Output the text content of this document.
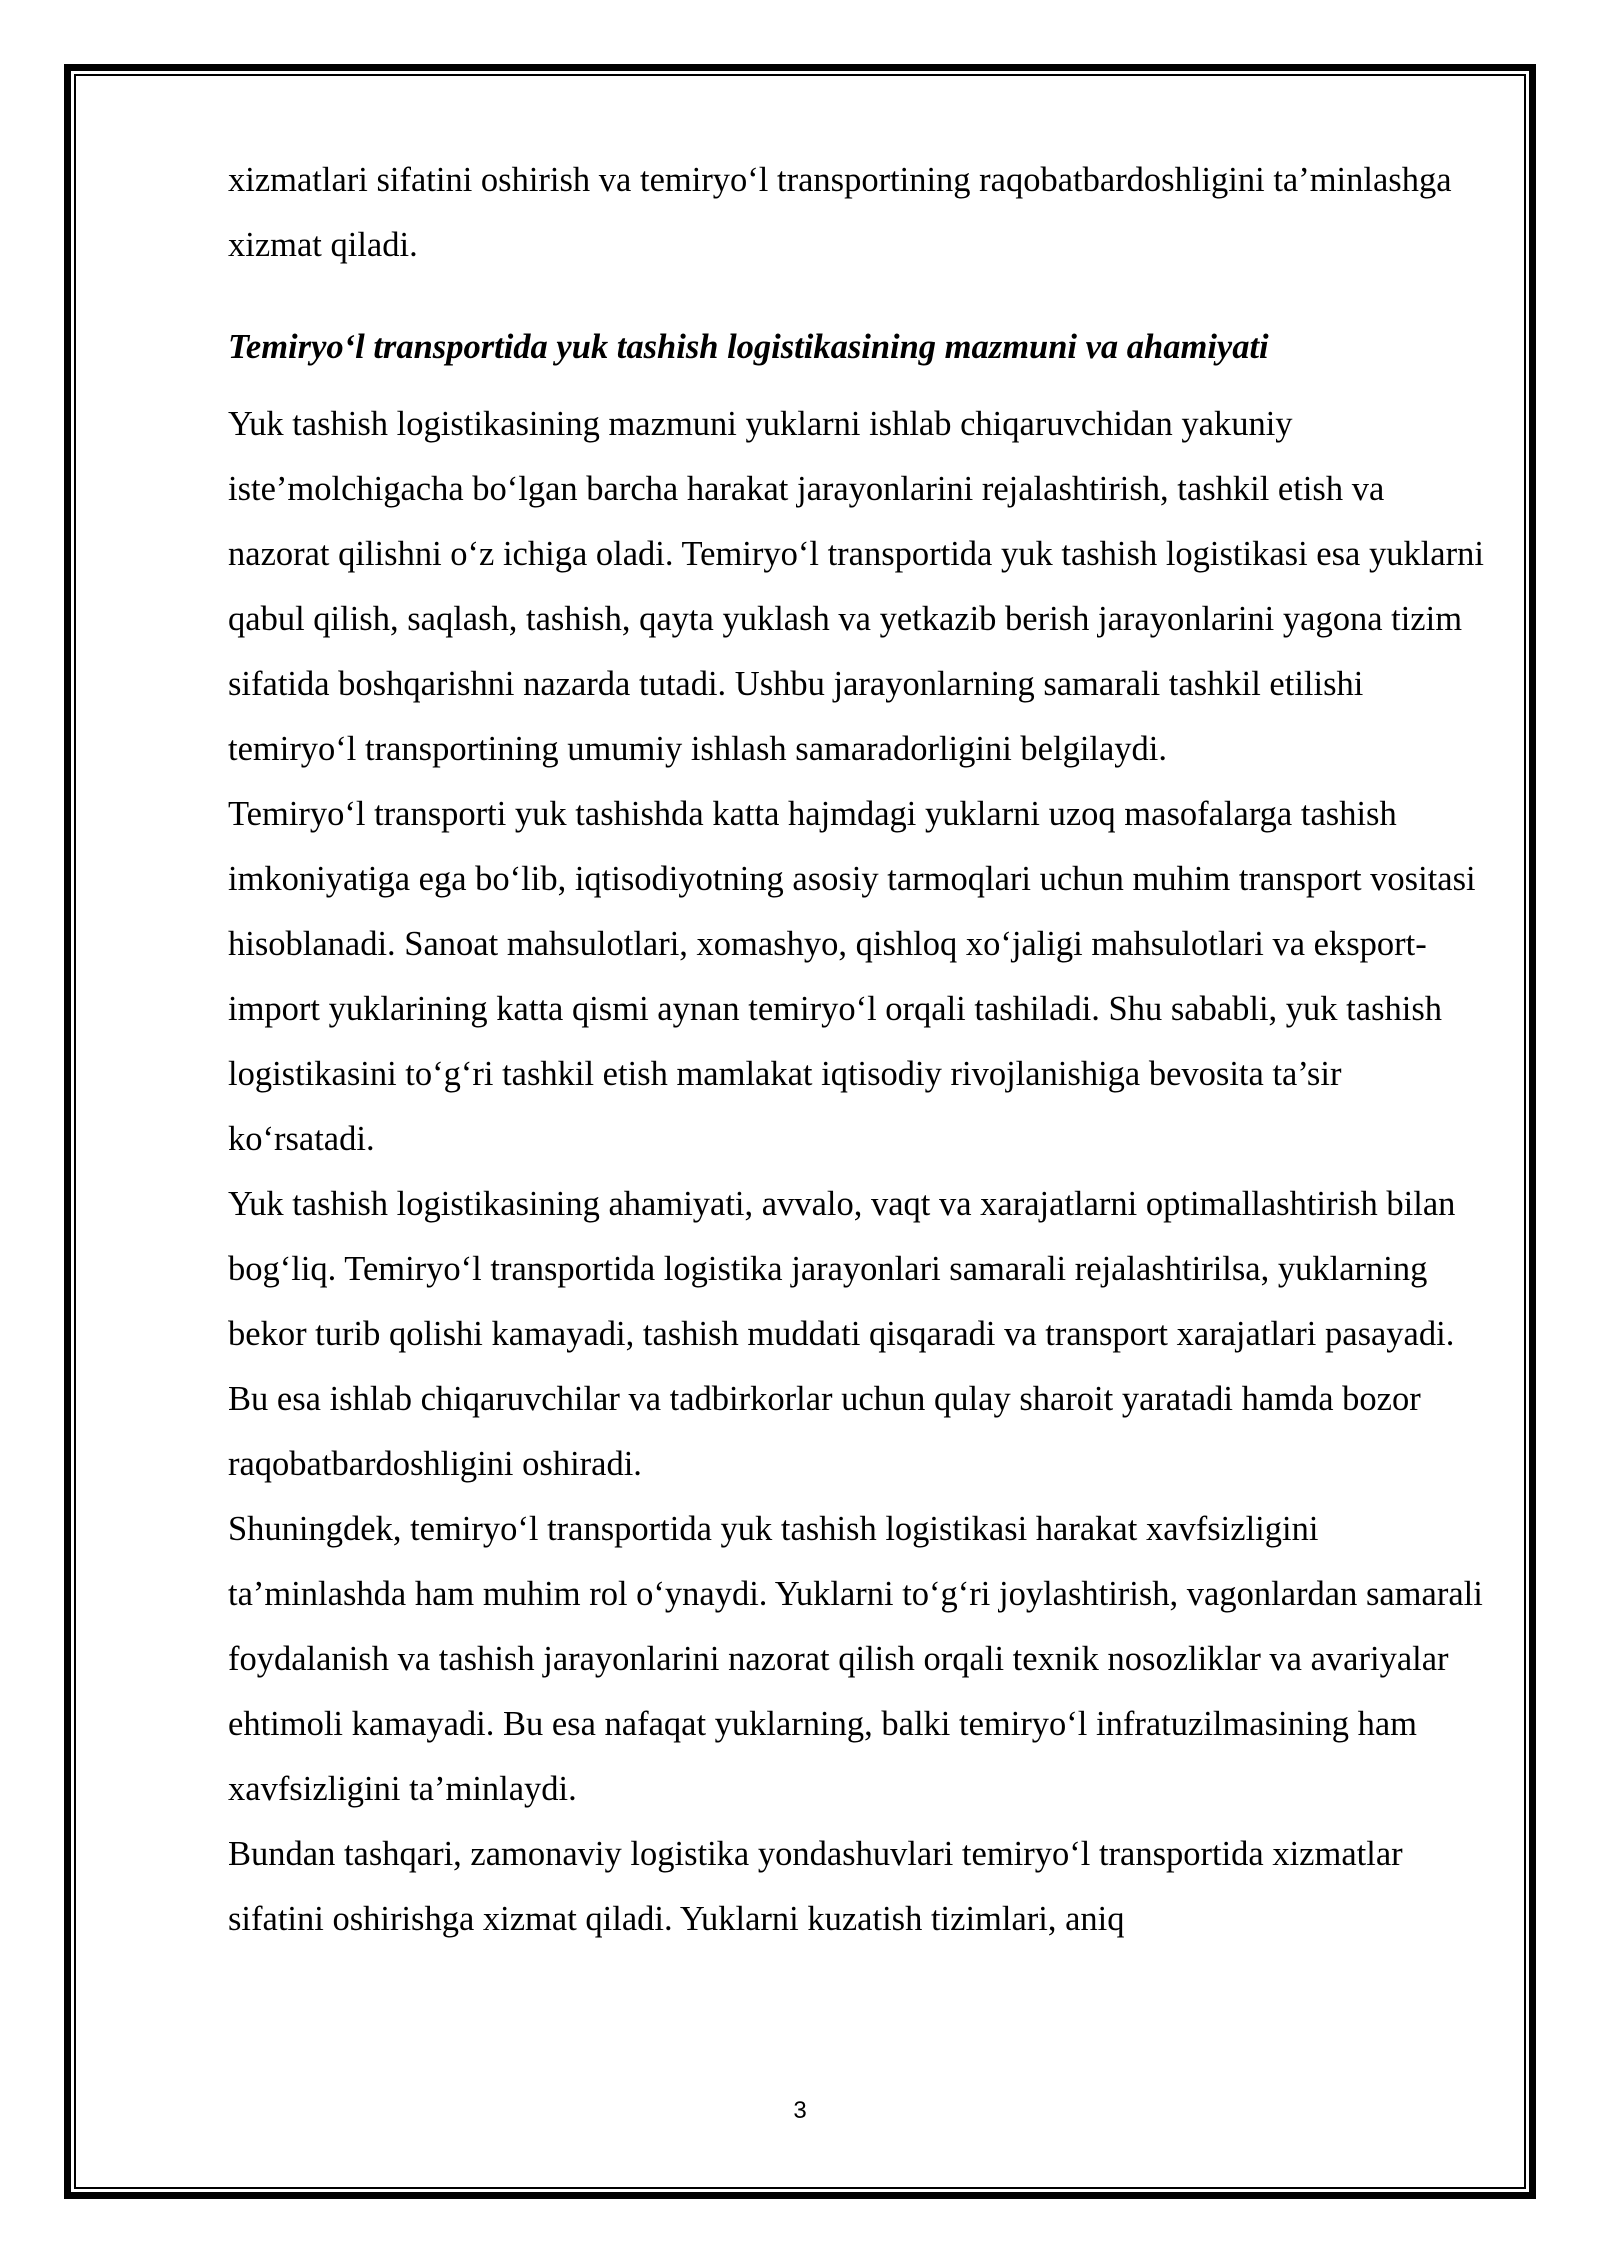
xizmatlari sifatini oshirish va temiryo‘l transportining raqobatbardoshligini ta’minlashga xizmat qiladi.

Temiryo‘l transportida yuk tashish logistikasining mazmuni va ahamiyati

Yuk tashish logistikasining mazmuni yuklarni ishlab chiqaruvchidan yakuniy iste’molchigacha bo‘lgan barcha harakat jarayonlarini rejalashtirish, tashkil etish va nazorat qilishni o‘z ichiga oladi. Temiryo‘l transportida yuk tashish logistikasi esa yuklarni qabul qilish, saqlash, tashish, qayta yuklash va yetkazib berish jarayonlarini yagona tizim sifatida boshqarishni nazarda tutadi. Ushbu jarayonlarning samarali tashkil etilishi temiryo‘l transportining umumiy ishlash samaradorligini belgilaydi.

Temiryo‘l transporti yuk tashishda katta hajmdagi yuklarni uzoq masofalarga tashish imkoniyatiga ega bo‘lib, iqtisodiyotning asosiy tarmoqlari uchun muhim transport vositasi hisoblanadi. Sanoat mahsulotlari, xomashyo, qishloq xo‘jaligi mahsulotlari va eksport-import yuklarining katta qismi aynan temiryo‘l orqali tashiladi. Shu sababli, yuk tashish logistikasini to‘g‘ri tashkil etish mamlakat iqtisodiy rivojlanishiga bevosita ta’sir ko‘rsatadi.

Yuk tashish logistikasining ahamiyati, avvalo, vaqt va xarajatlarni optimallashtirish bilan bog‘liq. Temiryo‘l transportida logistika jarayonlari samarali rejalashtirilsa, yuklarning bekor turib qolishi kamayadi, tashish muddati qisqaradi va transport xarajatlari pasayadi. Bu esa ishlab chiqaruvchilar va tadbirkorlar uchun qulay sharoit yaratadi hamda bozor raqobatbardoshligini oshiradi.

Shuningdek, temiryo‘l transportida yuk tashish logistikasi harakat xavfsizligini ta’minlashda ham muhim rol o‘ynaydi. Yuklarni to‘g‘ri joylashtirish, vagonlardan samarali foydalanish va tashish jarayonlarini nazorat qilish orqali texnik nosozliklar va avariyalar ehtimoli kamayadi. Bu esa nafaqat yuklarning, balki temiryo‘l infratuzilmasining ham xavfsizligini ta’minlaydi.

Bundan tashqari, zamonaviy logistika yondashuvlari temiryo‘l transportida xizmatlar sifatini oshirishga xizmat qiladi. Yuklarni kuzatish tizimlari, aniq

3
